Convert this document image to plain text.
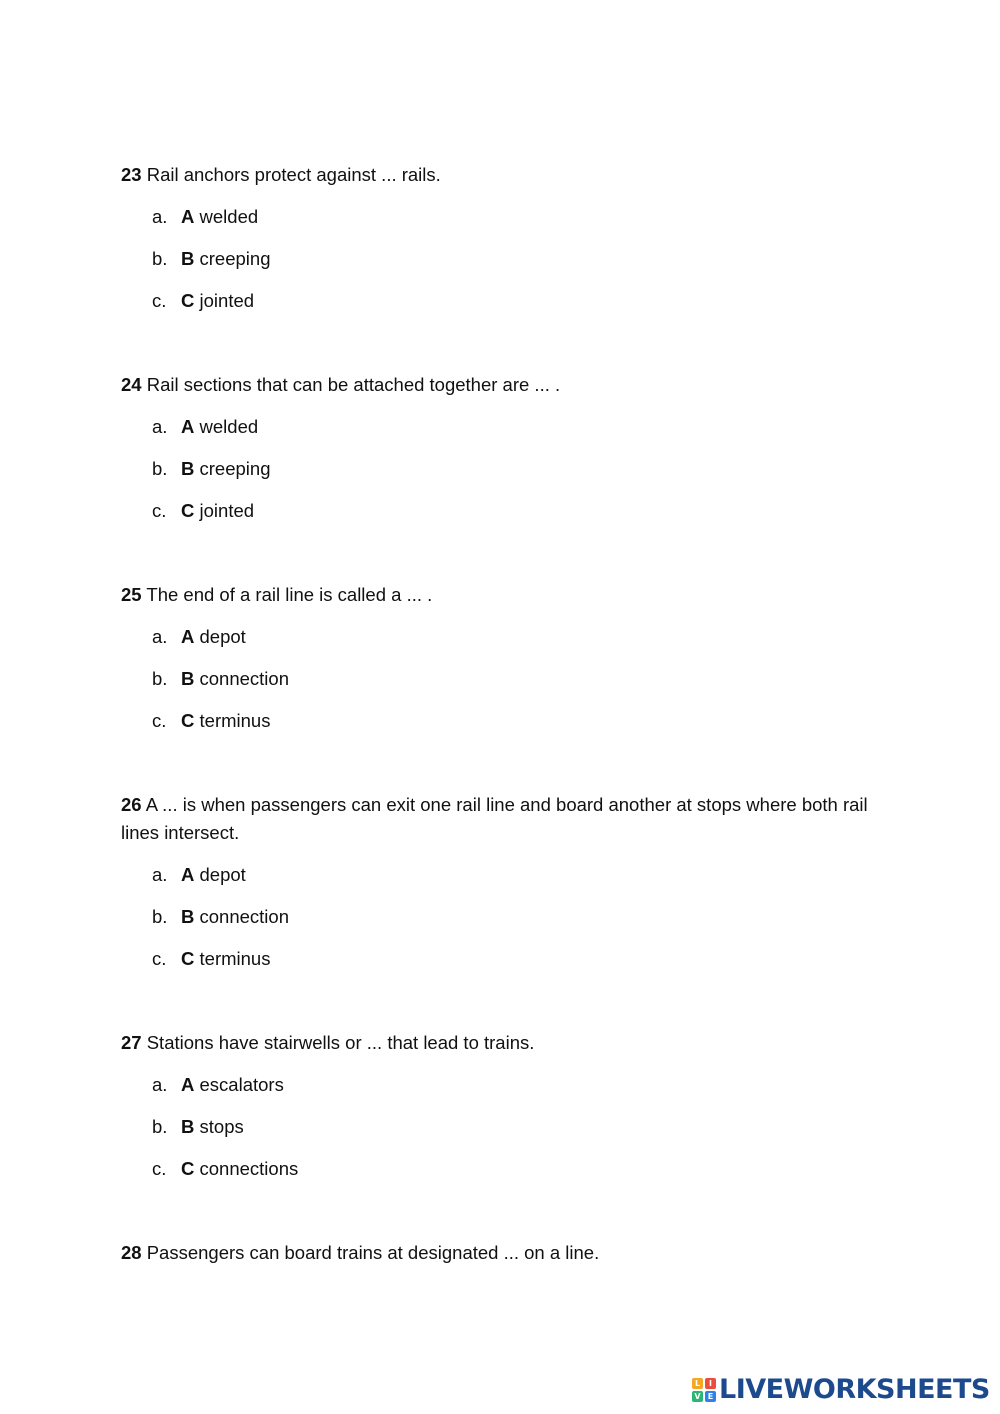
23 Rail anchors protect against ... rails.

a. A welded
b. B creeping
c. C jointed

24 Rail sections that can be attached together are ... .

a. A welded
b. B creeping
c. C jointed

25 The end of a rail line is called a ... .

a. A depot
b. B connection
c. C terminus

26 A ... is when passengers can exit one rail line and board another at stops where both rail lines intersect.

a. A depot
b. B connection
c. C terminus

27 Stations have stairwells or ... that lead to trains.

a. A escalators
b. B stops
c. C connections

28 Passengers can board trains at designated ... on a line.

L	I
V E LIVEWORKSHEETS
